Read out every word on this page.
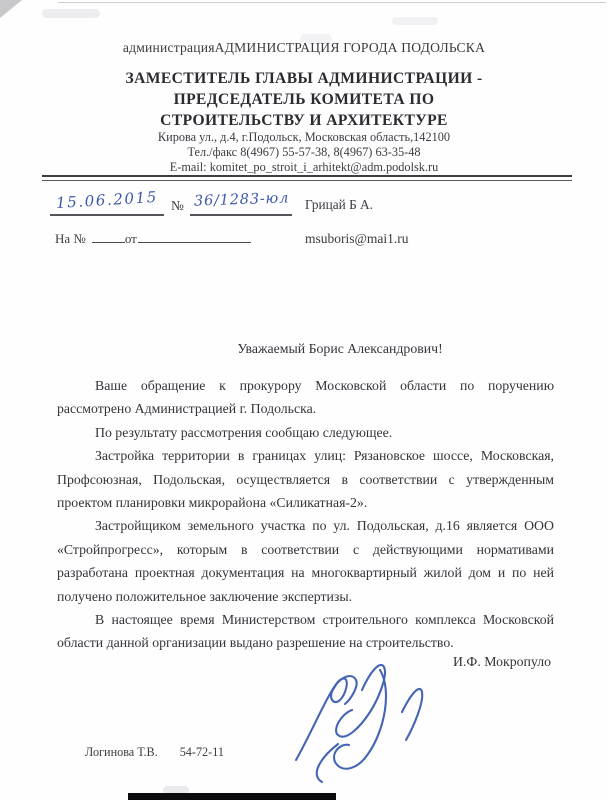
администрацияАДМИНИСТРАЦИЯ ГОРОДА ПОДОЛЬСКА
ЗАМЕСТИТЕЛЬ ГЛАВЫ АДМИНИСТРАЦИИ -
ПРЕДСЕДАТЕЛЬ КОМИТЕТА ПО
СТРОИТЕЛЬСТВУ И АРХИТЕКТУРЕ
Кирова ул., д.4, г.Подольск, Московская область,142100
Тел./факс 8(4967) 55-57-38, 8(4967) 63-35-48
E-mail: komitet_po_stroit_i_arhitekt@adm.podolsk.ru
15.06.2015 № 36/1283-юл Грицай Б А.
На №	от	msuboris@mai1.ru
Уважаемый Борис Александрович!

Ваше обращение к прокурору Московской области по поручению рассмотрено Администрацией г. Подольска.

По результату рассмотрения сообщаю следующее.

Застройка территории в границах улиц: Рязановское шоссе, Московская, Профсоюзная, Подольская, осуществляется в соответствии с утвержденным проектом планировки микрорайона «Силикатная-2».

Застройщиком земельного участка по ул. Подольская, д.16 является ООО «Стройпрогресс», которым в соответствии с действующими нормативами разработана проектная документация на многоквартирный жилой дом и по ней получено положительное заключение экспертизы.

В настоящее время Министерством строительного комплекса Московской области данной организации выдано разрешение на строительство.

И.Ф. Мокропуло
Логинова Т.В. 54-72-11
